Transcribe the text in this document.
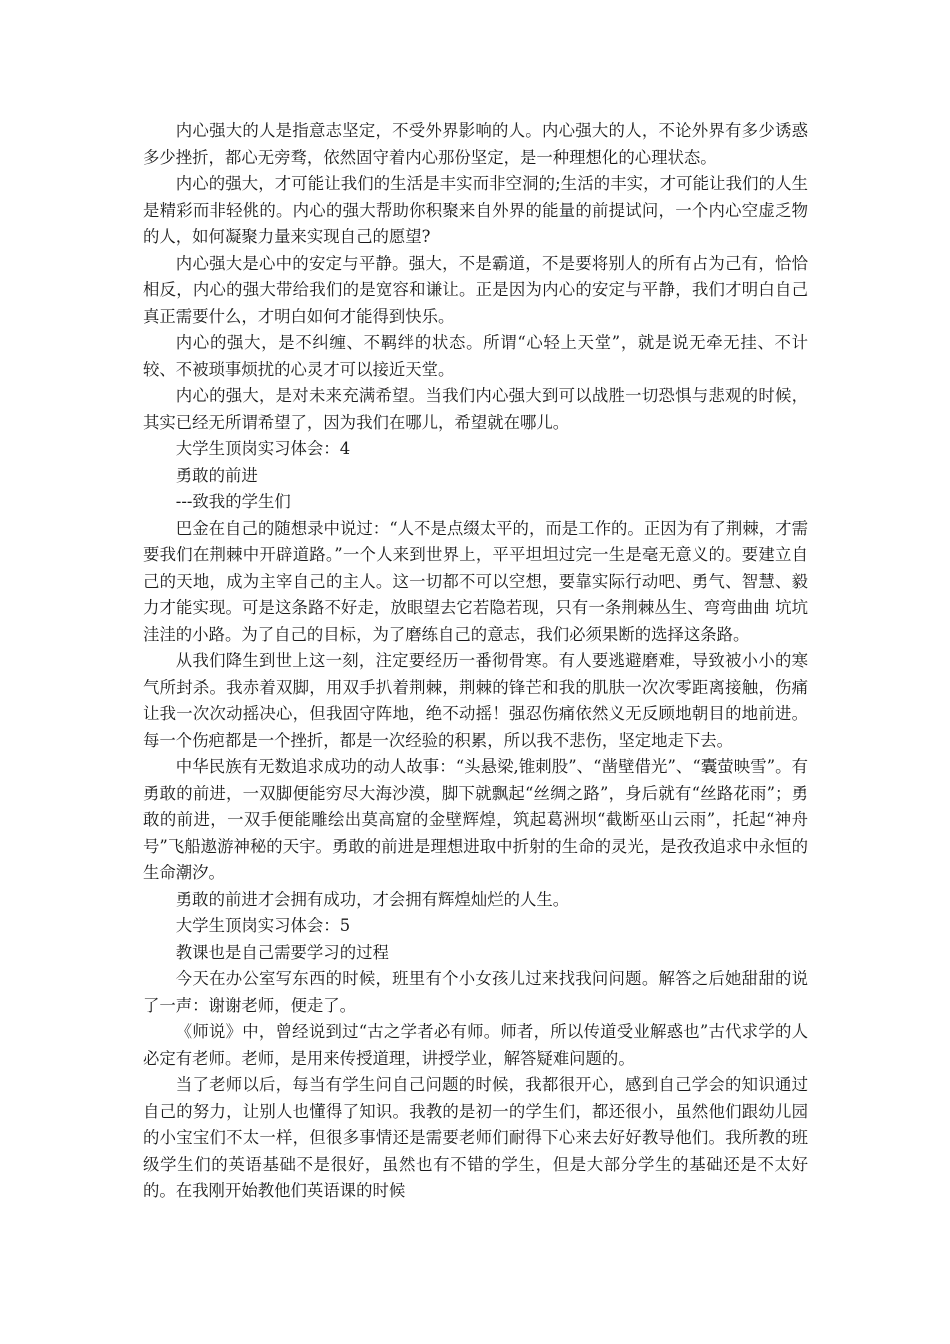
内心强大的人是指意志坚定，不受外界影响的人。内心强大的人，不论外界有多少诱惑多少挫折，都心无旁骛，依然固守着内心那份坚定，是一种理想化的心理状态。

内心的强大，才可能让我们的生活是丰实而非空洞的;生活的丰实，才可能让我们的人生是精彩而非轻佻的。内心的强大帮助你积聚来自外界的能量的前提试问，一个内心空虚乏物的人，如何凝聚力量来实现自己的愿望?

内心强大是心中的安定与平静。强大，不是霸道，不是要将别人的所有占为己有，恰恰相反，内心的强大带给我们的是宽容和谦让。正是因为内心的安定与平静，我们才明白自己真正需要什么，才明白如何才能得到快乐。

内心的强大，是不纠缠、不羁绊的状态。所谓“心轻上天堂”，就是说无牵无挂、不计较、不被琐事烦扰的心灵才可以接近天堂。

内心的强大，是对未来充满希望。当我们内心强大到可以战胜一切恐惧与悲观的时候，其实已经无所谓希望了，因为我们在哪儿，希望就在哪儿。

大学生顶岗实习体会：4

勇敢的前进

---致我的学生们

巴金在自己的随想录中说过：“人不是点缀太平的，而是工作的。正因为有了荆棘，才需要我们在荆棘中开辟道路。”一个人来到世界上，平平坦坦过完一生是毫无意义的。要建立自己的天地，成为主宰自己的主人。这一切都不可以空想，要靠实际行动吧、勇气、智慧、毅力才能实现。可是这条路不好走，放眼望去它若隐若现，只有一条荆棘丛生、弯弯曲曲 坑坑洼洼的小路。为了自己的目标，为了磨练自己的意志，我们必须果断的选择这条路。

从我们降生到世上这一刻，注定要经历一番彻骨寒。有人要逃避磨难，导致被小小的寒气所封杀。我赤着双脚，用双手扒着荆棘，荆棘的锋芒和我的肌肤一次次零距离接触，伤痛让我一次次动摇决心，但我固守阵地，绝不动摇！强忍伤痛依然义无反顾地朝目的地前进。每一个伤疤都是一个挫折，都是一次经验的积累，所以我不悲伤，坚定地走下去。

中华民族有无数追求成功的动人故事：“头悬梁,锥刺股”、“凿壁借光”、“囊萤映雪”。有勇敢的前进，一双脚便能穷尽大海沙漠，脚下就飘起“丝绸之路”，身后就有“丝路花雨”；勇敢的前进，一双手便能雕绘出莫高窟的金壁辉煌，筑起葛洲坝“截断巫山云雨”，托起“神舟号”飞船遨游神秘的天宇。勇敢的前进是理想进取中折射的生命的灵光，是孜孜追求中永恒的生命潮汐。

勇敢的前进才会拥有成功，才会拥有辉煌灿烂的人生。

大学生顶岗实习体会：5

教课也是自己需要学习的过程

今天在办公室写东西的时候，班里有个小女孩儿过来找我问问题。解答之后她甜甜的说了一声：谢谢老师，便走了。

《师说》中，曾经说到过“古之学者必有师。师者，所以传道受业解惑也”古代求学的人必定有老师。老师，是用来传授道理，讲授学业，解答疑难问题的。

当了老师以后，每当有学生问自己问题的时候，我都很开心，感到自己学会的知识通过自己的努力，让别人也懂得了知识。我教的是初一的学生们，都还很小，虽然他们跟幼儿园的小宝宝们不太一样，但很多事情还是需要老师们耐得下心来去好好教导他们。我所教的班级学生们的英语基础不是很好，虽然也有不错的学生，但是大部分学生的基础还是不太好的。在我刚开始教他们英语课的时候
